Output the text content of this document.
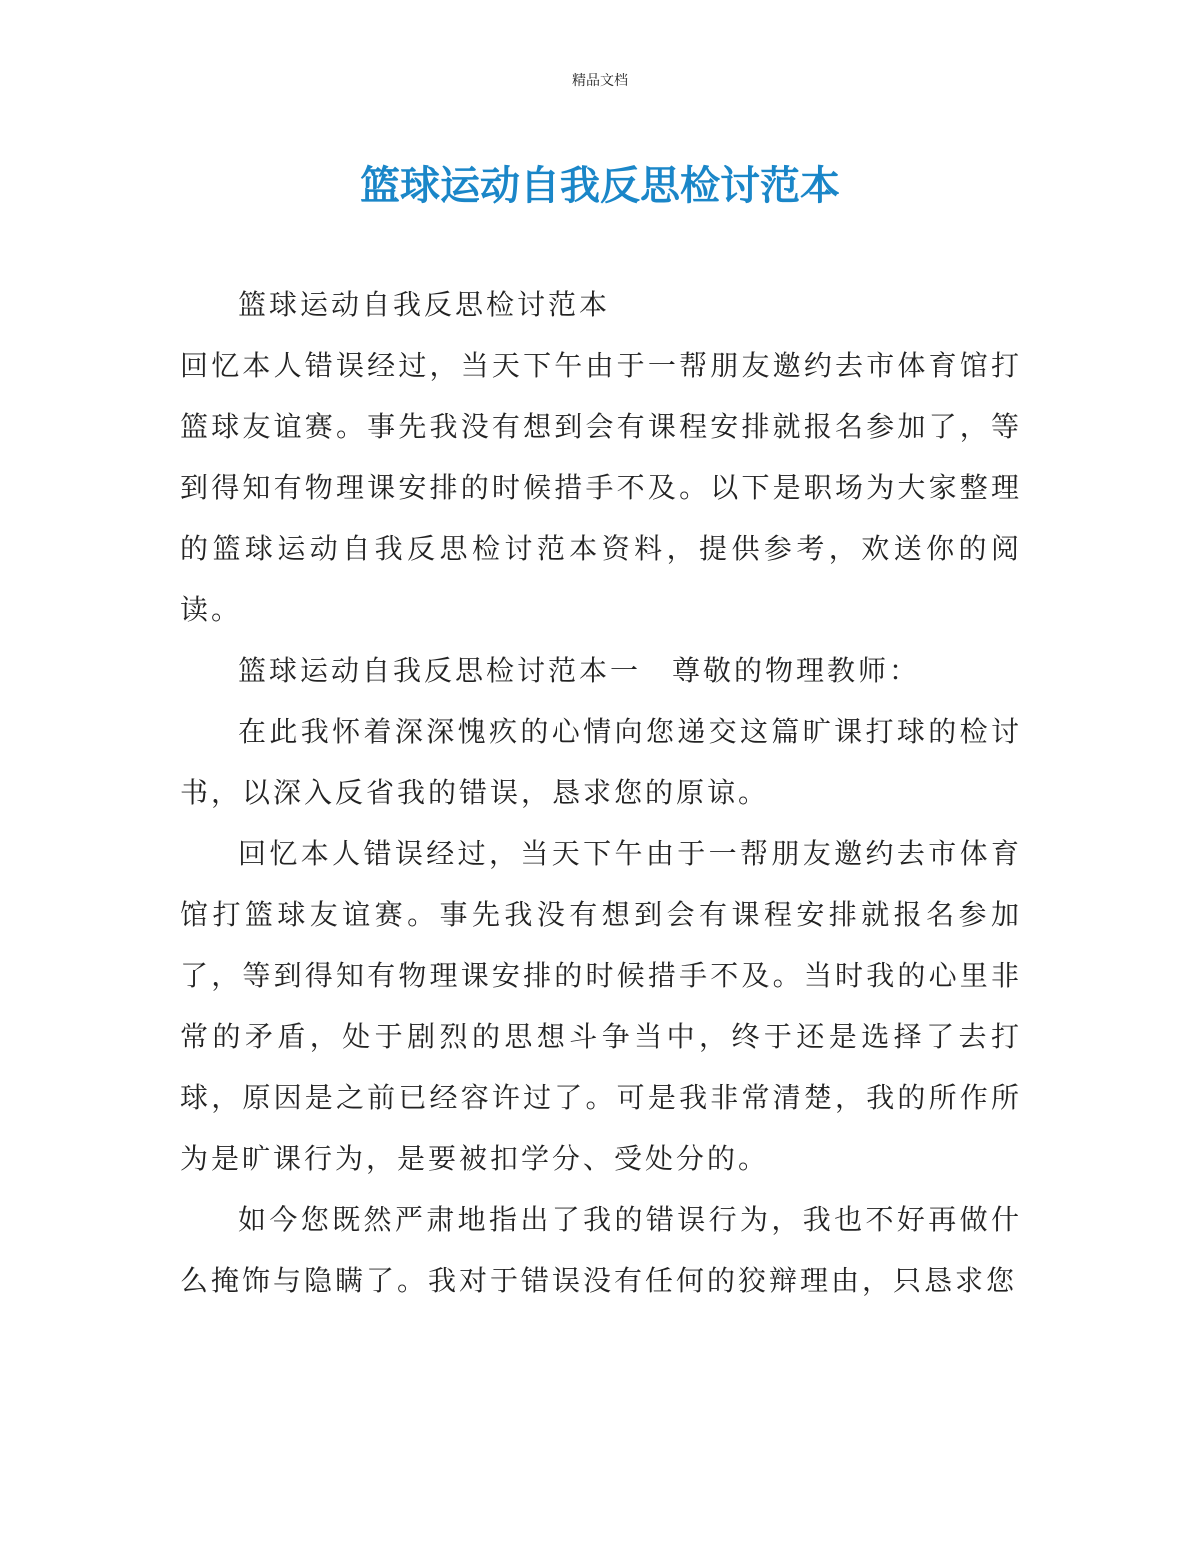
精品文档
篮球运动自我反思检讨范本

篮球运动自我反思检讨范本

回忆本人错误经过，当天下午由于一帮朋友邀约去市体育馆打篮球友谊赛。事先我没有想到会有课程安排就报名参加了，等到得知有物理课安排的时候措手不及。以下是职场为大家整理的篮球运动自我反思检讨范本资料，提供参考，欢送你的阅读。

篮球运动自我反思检讨范本一　尊敬的物理教师：

在此我怀着深深愧疚的心情向您递交这篇旷课打球的检讨书，以深入反省我的错误，恳求您的原谅。

回忆本人错误经过，当天下午由于一帮朋友邀约去市体育馆打篮球友谊赛。事先我没有想到会有课程安排就报名参加了，等到得知有物理课安排的时候措手不及。当时我的心里非常的矛盾，处于剧烈的思想斗争当中，终于还是选择了去打球，原因是之前已经容许过了。可是我非常清楚，我的所作所为是旷课行为，是要被扣学分、受处分的。

如今您既然严肃地指出了我的错误行为，我也不好再做什么掩饰与隐瞒了。我对于错误没有任何的狡辩理由，只恳求您
